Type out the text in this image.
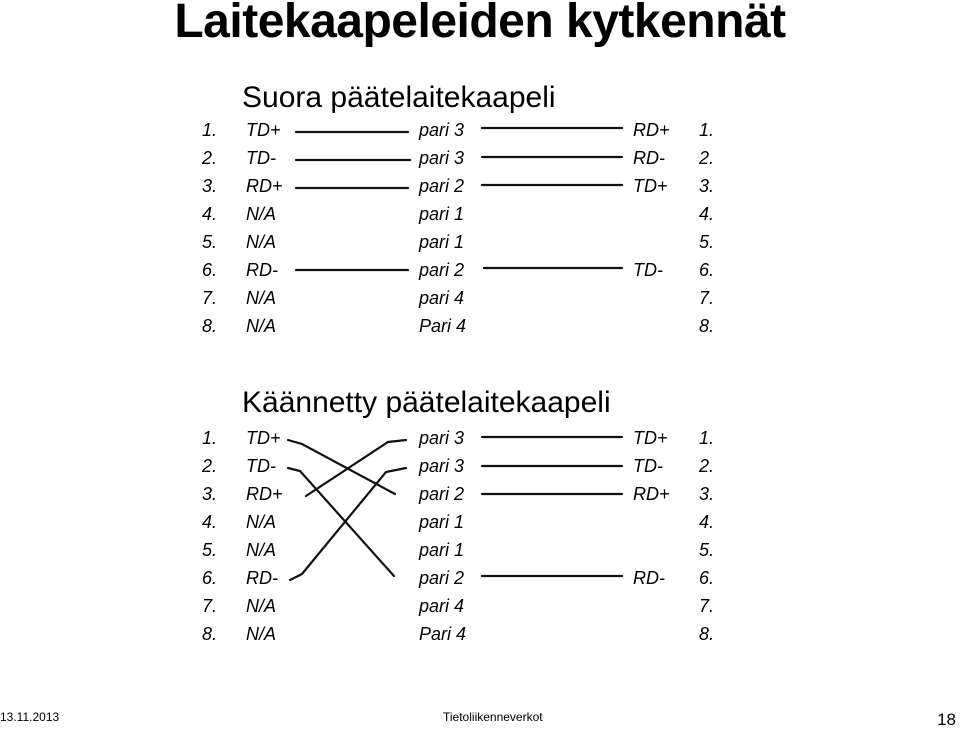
Laitekaapeleiden kytkennät
Suora päätelaitekaapeli
1. TD+	pari 3	RD+ 1.
2. TD-	pari 3	RD- 2.
3. RD+	pari 2	TD+ 3.
4. N/A	pari 1	4.
5. N/A	pari 1	5.
6. RD-	pari 2	TD- 6.
7. N/A	pari 4	7.
8. N/A	Pari 4	8.
Käännetty päätelaitekaapeli
1. TD+	pari 3	TD+ 1.
2. TD-	pari 3	TD- 2.
3. RD+	pari 2	RD+ 3.
4. N/A	pari 1	4.
5. N/A	pari 1	5.
6. RD-	pari 2	RD- 6.
7. N/A	pari 4	7.
8. N/A	Pari 4	8.
13.11.2013	Tietoliikenneverkot	18
